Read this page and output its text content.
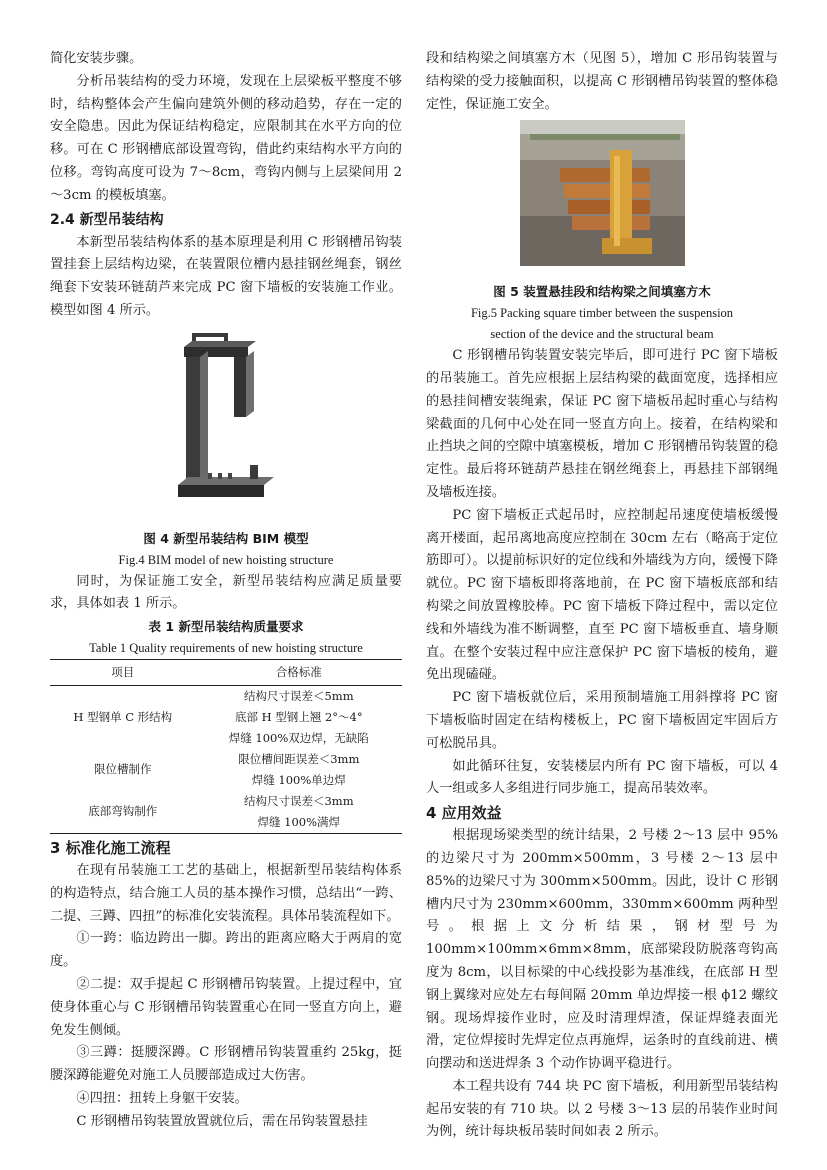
简化安装步骤。

分析吊装结构的受力环境，发现在上层梁板平整度不够时，结构整体会产生偏向建筑外侧的移动趋势，存在一定的安全隐患。因此为保证结构稳定，应限制其在水平方向的位移。可在 C 形钢槽底部设置弯钩，借此约束结构水平方向的位移。弯钩高度可设为 7～8cm，弯钩内侧与上层梁间用 2～3cm 的模板填塞。

2.4 新型吊装结构

本新型吊装结构体系的基本原理是利用 C 形钢槽吊钩装置挂套上层结构边梁，在装置限位槽内悬挂钢丝绳套，钢丝绳套下安装环链葫芦来完成 PC 窗下墙板的安装施工作业。模型如图 4 所示。

图 4 新型吊装结构 BIM 模型
Fig.4 BIM model of new hoisting structure

同时，为保证施工安全，新型吊装结构应满足质量要求，具体如表 1 所示。

表 1 新型吊装结构质量要求
Table 1 Quality requirements of new hoisting structure
项目	合格标准
H 型钢单 C 形结构	结构尺寸误差＜5mm
	底部 H 型钢上翘 2°～4°
	焊缝 100%双边焊，无缺陷
限位槽制作	限位槽间距误差＜3mm
	焊缝 100%单边焊
底部弯钩制作	结构尺寸误差＜3mm
	焊缝 100%满焊
3 标准化施工流程

在现有吊装施工工艺的基础上，根据新型吊装结构体系的构造特点，结合施工人员的基本操作习惯，总结出“一跨、二提、三蹲、四扭”的标准化安装流程。具体吊装流程如下。

①一跨：临边跨出一脚。跨出的距离应略大于两肩的宽度。

②二提：双手提起 C 形钢槽吊钩装置。上提过程中，宜使身体重心与 C 形钢槽吊钩装置重心在同一竖直方向上，避免发生侧倾。

③三蹲：挺腰深蹲。C 形钢槽吊钩装置重约 25kg，挺腰深蹲能避免对施工人员腰部造成过大伤害。

④四扭：扭转上身躯干安装。

C 形钢槽吊钩装置放置就位后，需在吊钩装置悬挂

段和结构梁之间填塞方木（见图 5），增加 C 形吊钩装置与结构梁的受力接触面积，以提高 C 形钢槽吊钩装置的整体稳定性，保证施工安全。

图 5 装置悬挂段和结构梁之间填塞方木
Fig.5 Packing square timber between the suspension
section of the device and the structural beam

C 形钢槽吊钩装置安装完毕后，即可进行 PC 窗下墙板的吊装施工。首先应根据上层结构梁的截面宽度，选择相应的悬挂间槽安装绳索，保证 PC 窗下墙板吊起时重心与结构梁截面的几何中心处在同一竖直方向上。接着，在结构梁和止挡块之间的空隙中填塞模板，增加 C 形钢槽吊钩装置的稳定性。最后将环链葫芦悬挂在钢丝绳套上，再悬挂下部钢绳及墙板连接。

PC 窗下墙板正式起吊时，应控制起吊速度使墙板缓慢离开楼面，起吊离地高度应控制在 30cm 左右（略高于定位筋即可）。以提前标识好的定位线和外墙线为方向，缓慢下降就位。PC 窗下墙板即将落地前，在 PC 窗下墙板底部和结构梁之间放置橡胶棒。PC 窗下墙板下降过程中，需以定位线和外墙线为准不断调整，直至 PC 窗下墙板垂直、墙身顺直。在整个安装过程中应注意保护 PC 窗下墙板的棱角，避免出现磕碰。

PC 窗下墙板就位后，采用预制墙施工用斜撑将 PC 窗下墙板临时固定在结构楼板上，PC 窗下墙板固定牢固后方可松脱吊具。

如此循环往复，安装楼层内所有 PC 窗下墙板，可以 4 人一组或多人多组进行同步施工，提高吊装效率。

4 应用效益

根据现场梁类型的统计结果，2 号楼 2～13 层中 95%的边梁尺寸为 200mm×500mm，3 号楼 2～13 层中 85%的边梁尺寸为 300mm×500mm。因此，设计 C 形钢槽内尺寸为 230mm×600mm，330mm×600mm 两种型号。根据上文分析结果，钢材型号为 100mm×100mm×6mm×8mm，底部梁段防脱落弯钩高度为 8cm，以目标梁的中心线投影为基准线，在底部 H 型钢上翼缘对应处左右每间隔 20mm 单边焊接一根 ϕ12 螺纹钢。现场焊接作业时，应及时清理焊渣，保证焊缝表面光滑，定位焊接时先焊定位点再施焊，运条时的直线前进、横向摆动和送进焊条 3 个动作协调平稳进行。

本工程共设有 744 块 PC 窗下墙板，利用新型吊装结构起吊安装的有 710 块。以 2 号楼 3～13 层的吊装作业时间为例，统计每块板吊装时间如表 2 所示。
